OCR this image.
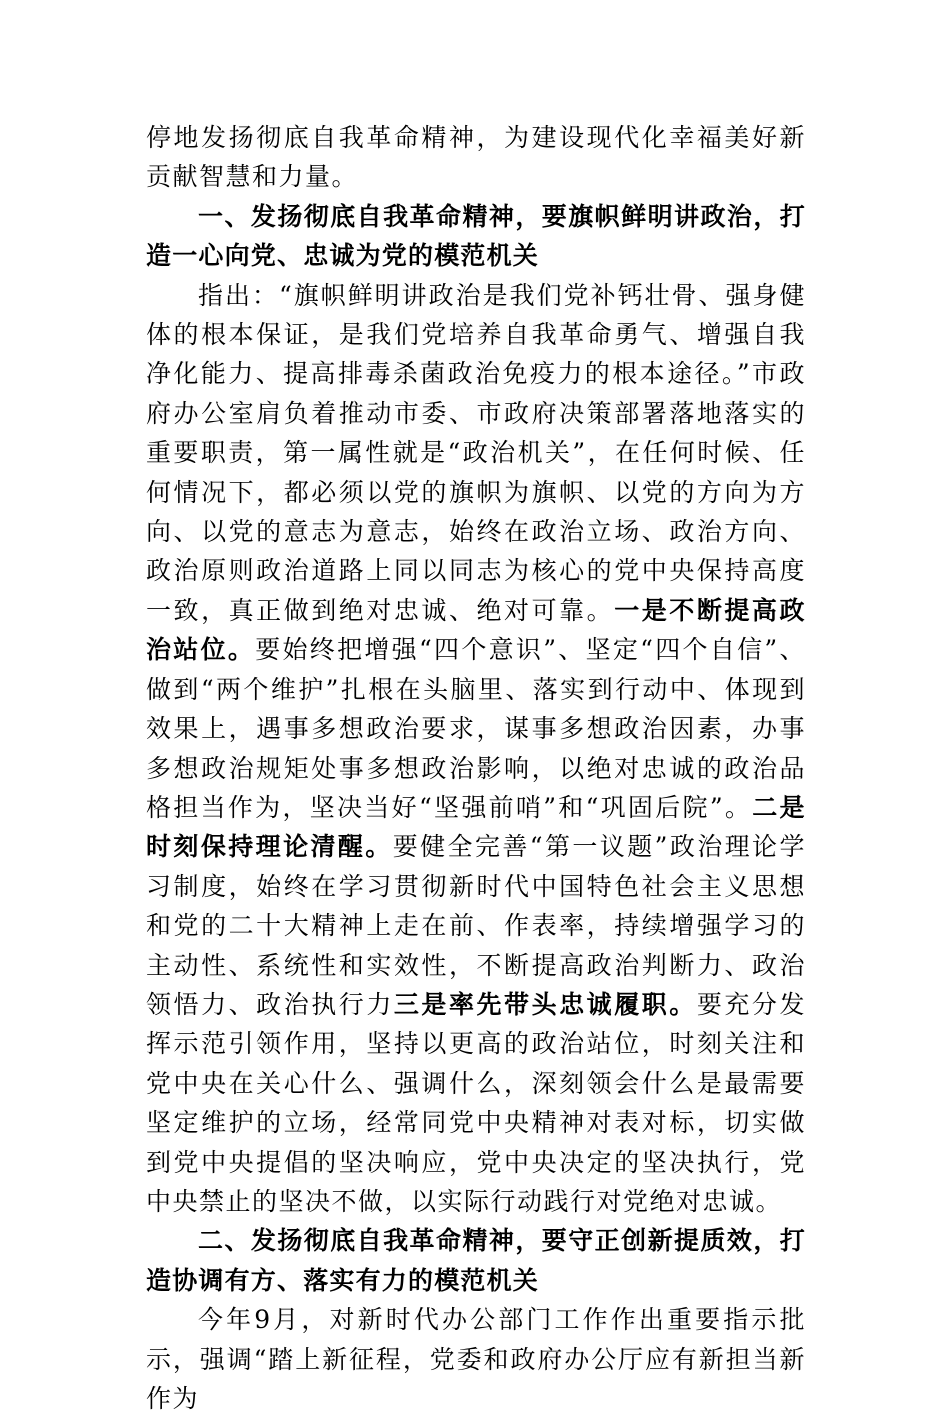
停地发扬彻底自我革命精神，为建设现代化幸福美好新贡献智慧和力量。

一、发扬彻底自我革命精神，要旗帜鲜明讲政治，打造一心向党、忠诚为党的模范机关

指出：“旗帜鲜明讲政治是我们党补钙壮骨、强身健体的根本保证，是我们党培养自我革命勇气、增强自我净化能力、提高排毒杀菌政治免疫力的根本途径。”市政府办公室肩负着推动市委、市政府决策部署落地落实的重要职责，第一属性就是“政治机关”，在任何时候、任何情况下，都必须以党的旗帜为旗帜、以党的方向为方向、以党的意志为意志，始终在政治立场、政治方向、政治原则政治道路上同以同志为核心的党中央保持高度一致，真正做到绝对忠诚、绝对可靠。一是不断提高政治站位。要始终把增强“四个意识”、坚定“四个自信”、做到“两个维护”扎根在头脑里、落实到行动中、体现到效果上，遇事多想政治要求，谋事多想政治因素，办事多想政治规矩处事多想政治影响，以绝对忠诚的政治品格担当作为，坚决当好“坚强前哨”和“巩固后院”。二是时刻保持理论清醒。要健全完善“第一议题”政治理论学习制度，始终在学习贯彻新时代中国特色社会主义思想和党的二十大精神上走在前、作表率，持续增强学习的主动性、系统性和实效性，不断提高政治判断力、政治领悟力、政治执行力三是率先带头忠诚履职。要充分发挥示范引领作用，坚持以更高的政治站位，时刻关注和党中央在关心什么、强调什么，深刻领会什么是最需要坚定维护的立场，经常同党中央精神对表对标，切实做到党中央提倡的坚决响应，党中央决定的坚决执行，党中央禁止的坚决不做，以实际行动践行对党绝对忠诚。

二、发扬彻底自我革命精神，要守正创新提质效，打造协调有方、落实有力的模范机关

今年9月，对新时代办公部门工作作出重要指示批示，强调“踏上新征程，党委和政府办公厅应有新担当新作为
